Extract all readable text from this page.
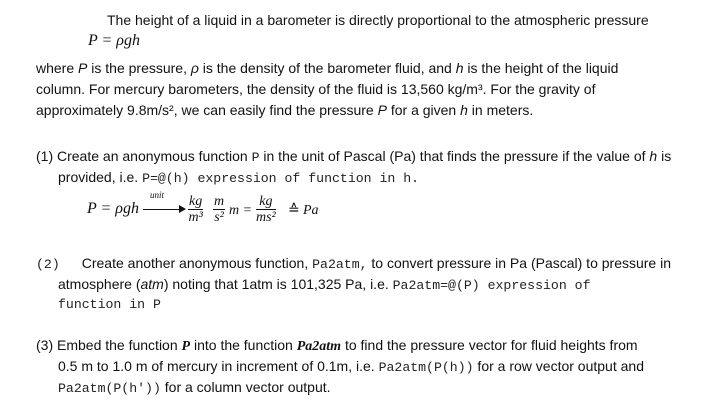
The height of a liquid in a barometer is directly proportional to the atmospheric pressure
P = ρgh
where P is the pressure, ρ is the density of the barometer fluid, and h is the height of the liquid
column. For mercury barometers, the density of the fluid is 13,560 kg/m³. For the gravity of
approximately 9.8m/s², we can easily find the pressure P for a given h in meters.
(1) Create an anonymous function P in the unit of Pascal (Pa) that finds the pressure if the value of h is
provided, i.e. P=@(h) expression of function in h.
P = ρgh
unit $\frac{kg}{\text{m³}} \frac{m}{\text{s²}}$ $m = \frac{kg}{\text{ms²}}$ ≙ Pa
(2) Create another anonymous function, Pa2atm, to convert pressure in Pa (Pascal) to pressure in
atmosphere (atm) noting that 1atm is 101,325 Pa, i.e. Pa2atm=@(P) expression of
function in P
(3) Embed the function P into the function Pa2atm to find the pressure vector for fluid heights from
0.5 m to 1.0 m of mercury in increment of 0.1m, i.e. Pa2atm(P(h)) for a row vector output and
Pa2atm(P(h')) for a column vector output.
